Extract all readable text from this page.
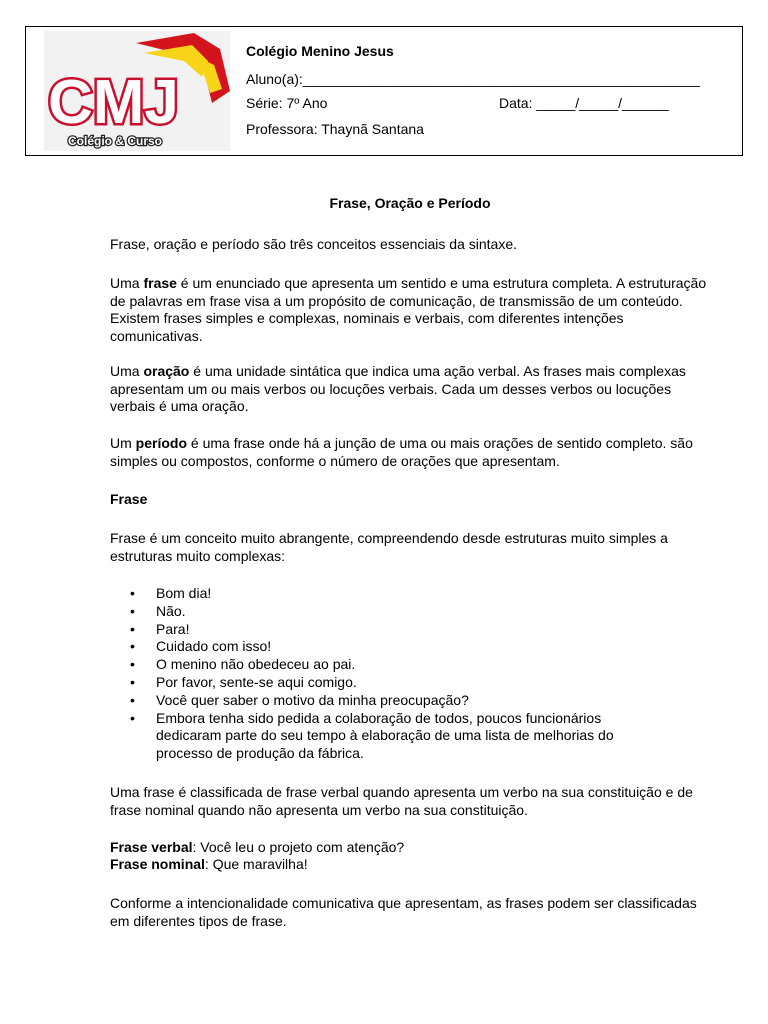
CMJ
Colégio & Curso
Colégio Menino Jesus
Aluno(a):___________________________________________________
Série: 7º Ano	Data: _____/_____/______
Professora: Thaynã Santana
Frase, Oração e Período
Frase, oração e período são três conceitos essenciais da sintaxe.
Uma frase é um enunciado que apresenta um sentido e uma estrutura completa. A estruturação de palavras em frase visa a um propósito de comunicação, de transmissão de um conteúdo. Existem frases simples e complexas, nominais e verbais, com diferentes intenções comunicativas.
Uma oração é uma unidade sintática que indica uma ação verbal. As frases mais complexas apresentam um ou mais verbos ou locuções verbais. Cada um desses verbos ou locuções verbais é uma oração.
Um período é uma frase onde há a junção de uma ou mais orações de sentido completo. são simples ou compostos, conforme o número de orações que apresentam.
Frase
Frase é um conceito muito abrangente, compreendendo desde estruturas muito simples a estruturas muito complexas:
• Bom dia!
• Não.
• Para!
• Cuidado com isso!
• O menino não obedeceu ao pai.
• Por favor, sente-se aqui comigo.
• Você quer saber o motivo da minha preocupação?
• Embora tenha sido pedida a colaboração de todos, poucos funcionários dedicaram parte do seu tempo à elaboração de uma lista de melhorias do processo de produção da fábrica.
Uma frase é classificada de frase verbal quando apresenta um verbo na sua constituição e de frase nominal quando não apresenta um verbo na sua constituição.
Frase verbal: Você leu o projeto com atenção?
Frase nominal: Que maravilha!
Conforme a intencionalidade comunicativa que apresentam, as frases podem ser classificadas em diferentes tipos de frase.
